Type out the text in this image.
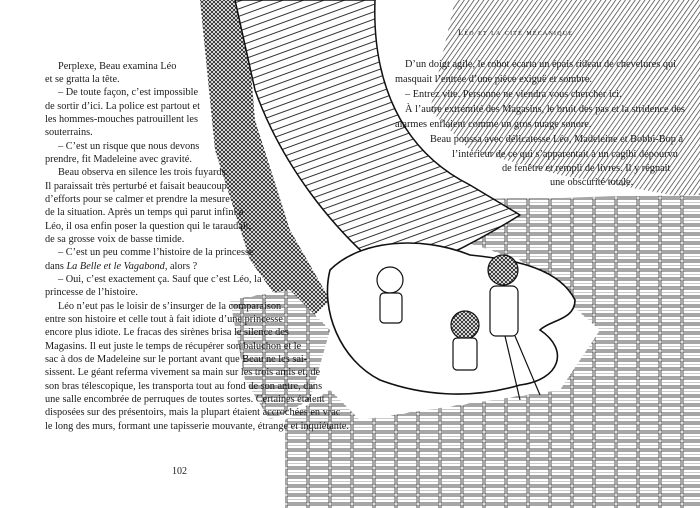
Perplexe, Beau examina Léo
et se gratta la tête.
– De toute façon, c’est impossible
de sortir d’ici. La police est partout et
les hommes-mouches patrouillent les
souterrains.
– C’est un risque que nous devons
prendre, fit Madeleine avec gravité.
Beau observa en silence les trois fuyards.
Il paraissait très perturbé et faisait beaucoup
d’efforts pour se calmer et prendre la mesure
de la situation. Après un temps qui parut infini à
Léo, il osa enfin poser la question qui le taraudait,
de sa grosse voix de basse timide.
– C’est un peu comme l’histoire de la princesse
dans La Belle et le Vagabond, alors ?
– Oui, c’est exactement ça. Sauf que c’est Léo, la
princesse de l’histoire.
Léo n’eut pas le loisir de s’insurger de la comparaison
entre son histoire et celle tout à fait idiote d’une princesse
encore plus idiote. Le fracas des sirènes brisa le silence des
Magasins. Il eut juste le temps de récupérer son baluchon et le
sac à dos de Madeleine sur le portant avant que Beau ne les sai-
sissent. Le géant referma vivement sa main sur les trois amis et, de
son bras télescopique, les transporta tout au fond de son antre, dans
une salle encombrée de perruques de toutes sortes. Certaines étaient
disposées sur des présentoirs, mais la plupart étaient accrochées en vrac
le long des murs, formant une tapisserie mouvante, étrange et inquiétante.
102
Léo et la cité mécanique
D’un doigt agile, le robot écarta un épais rideau de chevelures qui
masquait l’entrée d’une pièce exiguë et sombre.
– Entrez vite. Personne ne viendra vous chercher ici.
À l’autre extrémité des Magasins, le bruit des pas et la stridence des
alarmes enflaient comme un gros nuage sonore.
Beau poussa avec délicatesse Léo, Madeleine et Bobbi-Bop à
l’intérieur de ce qui s’apparentait à un cagibi dépourvu
de fenêtre et rempli de livres. Il y régnait
une obscurité totale.
